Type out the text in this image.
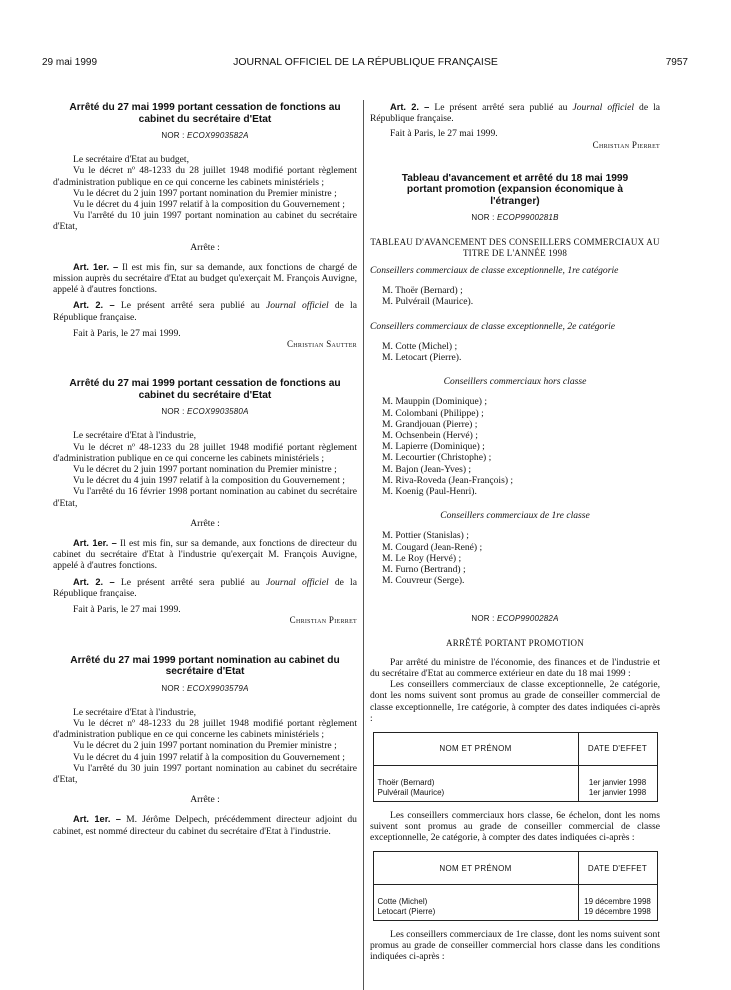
29 mai 1999	JOURNAL OFFICIEL DE LA RÉPUBLIQUE FRANÇAISE	7957
Arrêté du 27 mai 1999 portant cessation de fonctions au cabinet du secrétaire d'Etat
NOR : ECOX9903582A

Le secrétaire d'Etat au budget,

Vu le décret nº 48-1233 du 28 juillet 1948 modifié portant règlement d'administration publique en ce qui concerne les cabinets ministériels ;

Vu le décret du 2 juin 1997 portant nomination du Premier ministre ;

Vu le décret du 4 juin 1997 relatif à la composition du Gouvernement ;

Vu l'arrêté du 10 juin 1997 portant nomination au cabinet du secrétaire d'Etat,

Arrête :

Art. 1er. – Il est mis fin, sur sa demande, aux fonctions de chargé de mission auprès du secrétaire d'Etat au budget qu'exerçait M. François Auvigne, appelé à d'autres fonctions.

Art. 2. – Le présent arrêté sera publié au Journal officiel de la République française.

Fait à Paris, le 27 mai 1999.

Christian Sautter

Arrêté du 27 mai 1999 portant cessation de fonctions au cabinet du secrétaire d'Etat
NOR : ECOX9903580A

Le secrétaire d'Etat à l'industrie,

Vu le décret nº 48-1233 du 28 juillet 1948 modifié portant règlement d'administration publique en ce qui concerne les cabinets ministériels ;

Vu le décret du 2 juin 1997 portant nomination du Premier ministre ;

Vu le décret du 4 juin 1997 relatif à la composition du Gouvernement ;

Vu l'arrêté du 16 février 1998 portant nomination au cabinet du secrétaire d'Etat,

Arrête :

Art. 1er. – Il est mis fin, sur sa demande, aux fonctions de directeur du cabinet du secrétaire d'Etat à l'industrie qu'exerçait M. François Auvigne, appelé à d'autres fonctions.

Art. 2. – Le présent arrêté sera publié au Journal officiel de la République française.

Fait à Paris, le 27 mai 1999.

Christian Pierret

Arrêté du 27 mai 1999 portant nomination au cabinet du secrétaire d'Etat
NOR : ECOX9903579A

Le secrétaire d'Etat à l'industrie,

Vu le décret nº 48-1233 du 28 juillet 1948 modifié portant règlement d'administration publique en ce qui concerne les cabinets ministériels ;

Vu le décret du 2 juin 1997 portant nomination du Premier ministre ;

Vu le décret du 4 juin 1997 relatif à la composition du Gouvernement ;

Vu l'arrêté du 30 juin 1997 portant nomination au cabinet du secrétaire d'Etat,

Arrête :

Art. 1er. – M. Jérôme Delpech, précédemment directeur adjoint du cabinet, est nommé directeur du cabinet du secrétaire d'Etat à l'industrie.

Art. 2. – Le présent arrêté sera publié au Journal officiel de la République française.

Fait à Paris, le 27 mai 1999.

Christian Pierret

Tableau d'avancement et arrêté du 18 mai 1999 portant promotion (expansion économique à l'étranger)
NOR : ECOP9900281B

TABLEAU D'AVANCEMENT DES CONSEILLERS COMMERCIAUX AU TITRE DE L'ANNÉE 1998

Conseillers commerciaux de classe exceptionnelle, 1re catégorie

M. Thoër (Bernard) ;
M. Pulvérail (Maurice).

Conseillers commerciaux de classe exceptionnelle, 2e catégorie

M. Cotte (Michel) ;
M. Letocart (Pierre).

Conseillers commerciaux hors classe

M. Mauppin (Dominique) ;
M. Colombani (Philippe) ;
M. Grandjouan (Pierre) ;
M. Ochsenbein (Hervé) ;
M. Lapierre (Dominique) ;
M. Lecourtier (Christophe) ;
M. Bajon (Jean-Yves) ;
M. Riva-Roveda (Jean-François) ;
M. Koenig (Paul-Henri).

Conseillers commerciaux de 1re classe

M. Pottier (Stanislas) ;
M. Cougard (Jean-René) ;
M. Le Roy (Hervé) ;
M. Furno (Bertrand) ;
M. Couvreur (Serge).
NOR : ECOP9900282A

ARRÊTÉ PORTANT PROMOTION

Par arrêté du ministre de l'économie, des finances et de l'industrie et du secrétaire d'Etat au commerce extérieur en date du 18 mai 1999 :

Les conseillers commerciaux de classe exceptionnelle, 2e catégorie, dont les noms suivent sont promus au grade de conseiller commercial de classe exceptionnelle, 1re catégorie, à compter des dates indiquées ci-après :

NOM ET PRÉNOM	DATE D'EFFET
Thoër (Bernard)	1er janvier 1998
Pulvérail (Maurice)	1er janvier 1998

Les conseillers commerciaux hors classe, 6e échelon, dont les noms suivent sont promus au grade de conseiller commercial de classe exceptionnelle, 2e catégorie, à compter des dates indiquées ci-après :

NOM ET PRÉNOM	DATE D'EFFET
Cotte (Michel)	19 décembre 1998
Letocart (Pierre)	19 décembre 1998

Les conseillers commerciaux de 1re classe, dont les noms suivent sont promus au grade de conseiller commercial hors classe dans les conditions indiquées ci-après :
